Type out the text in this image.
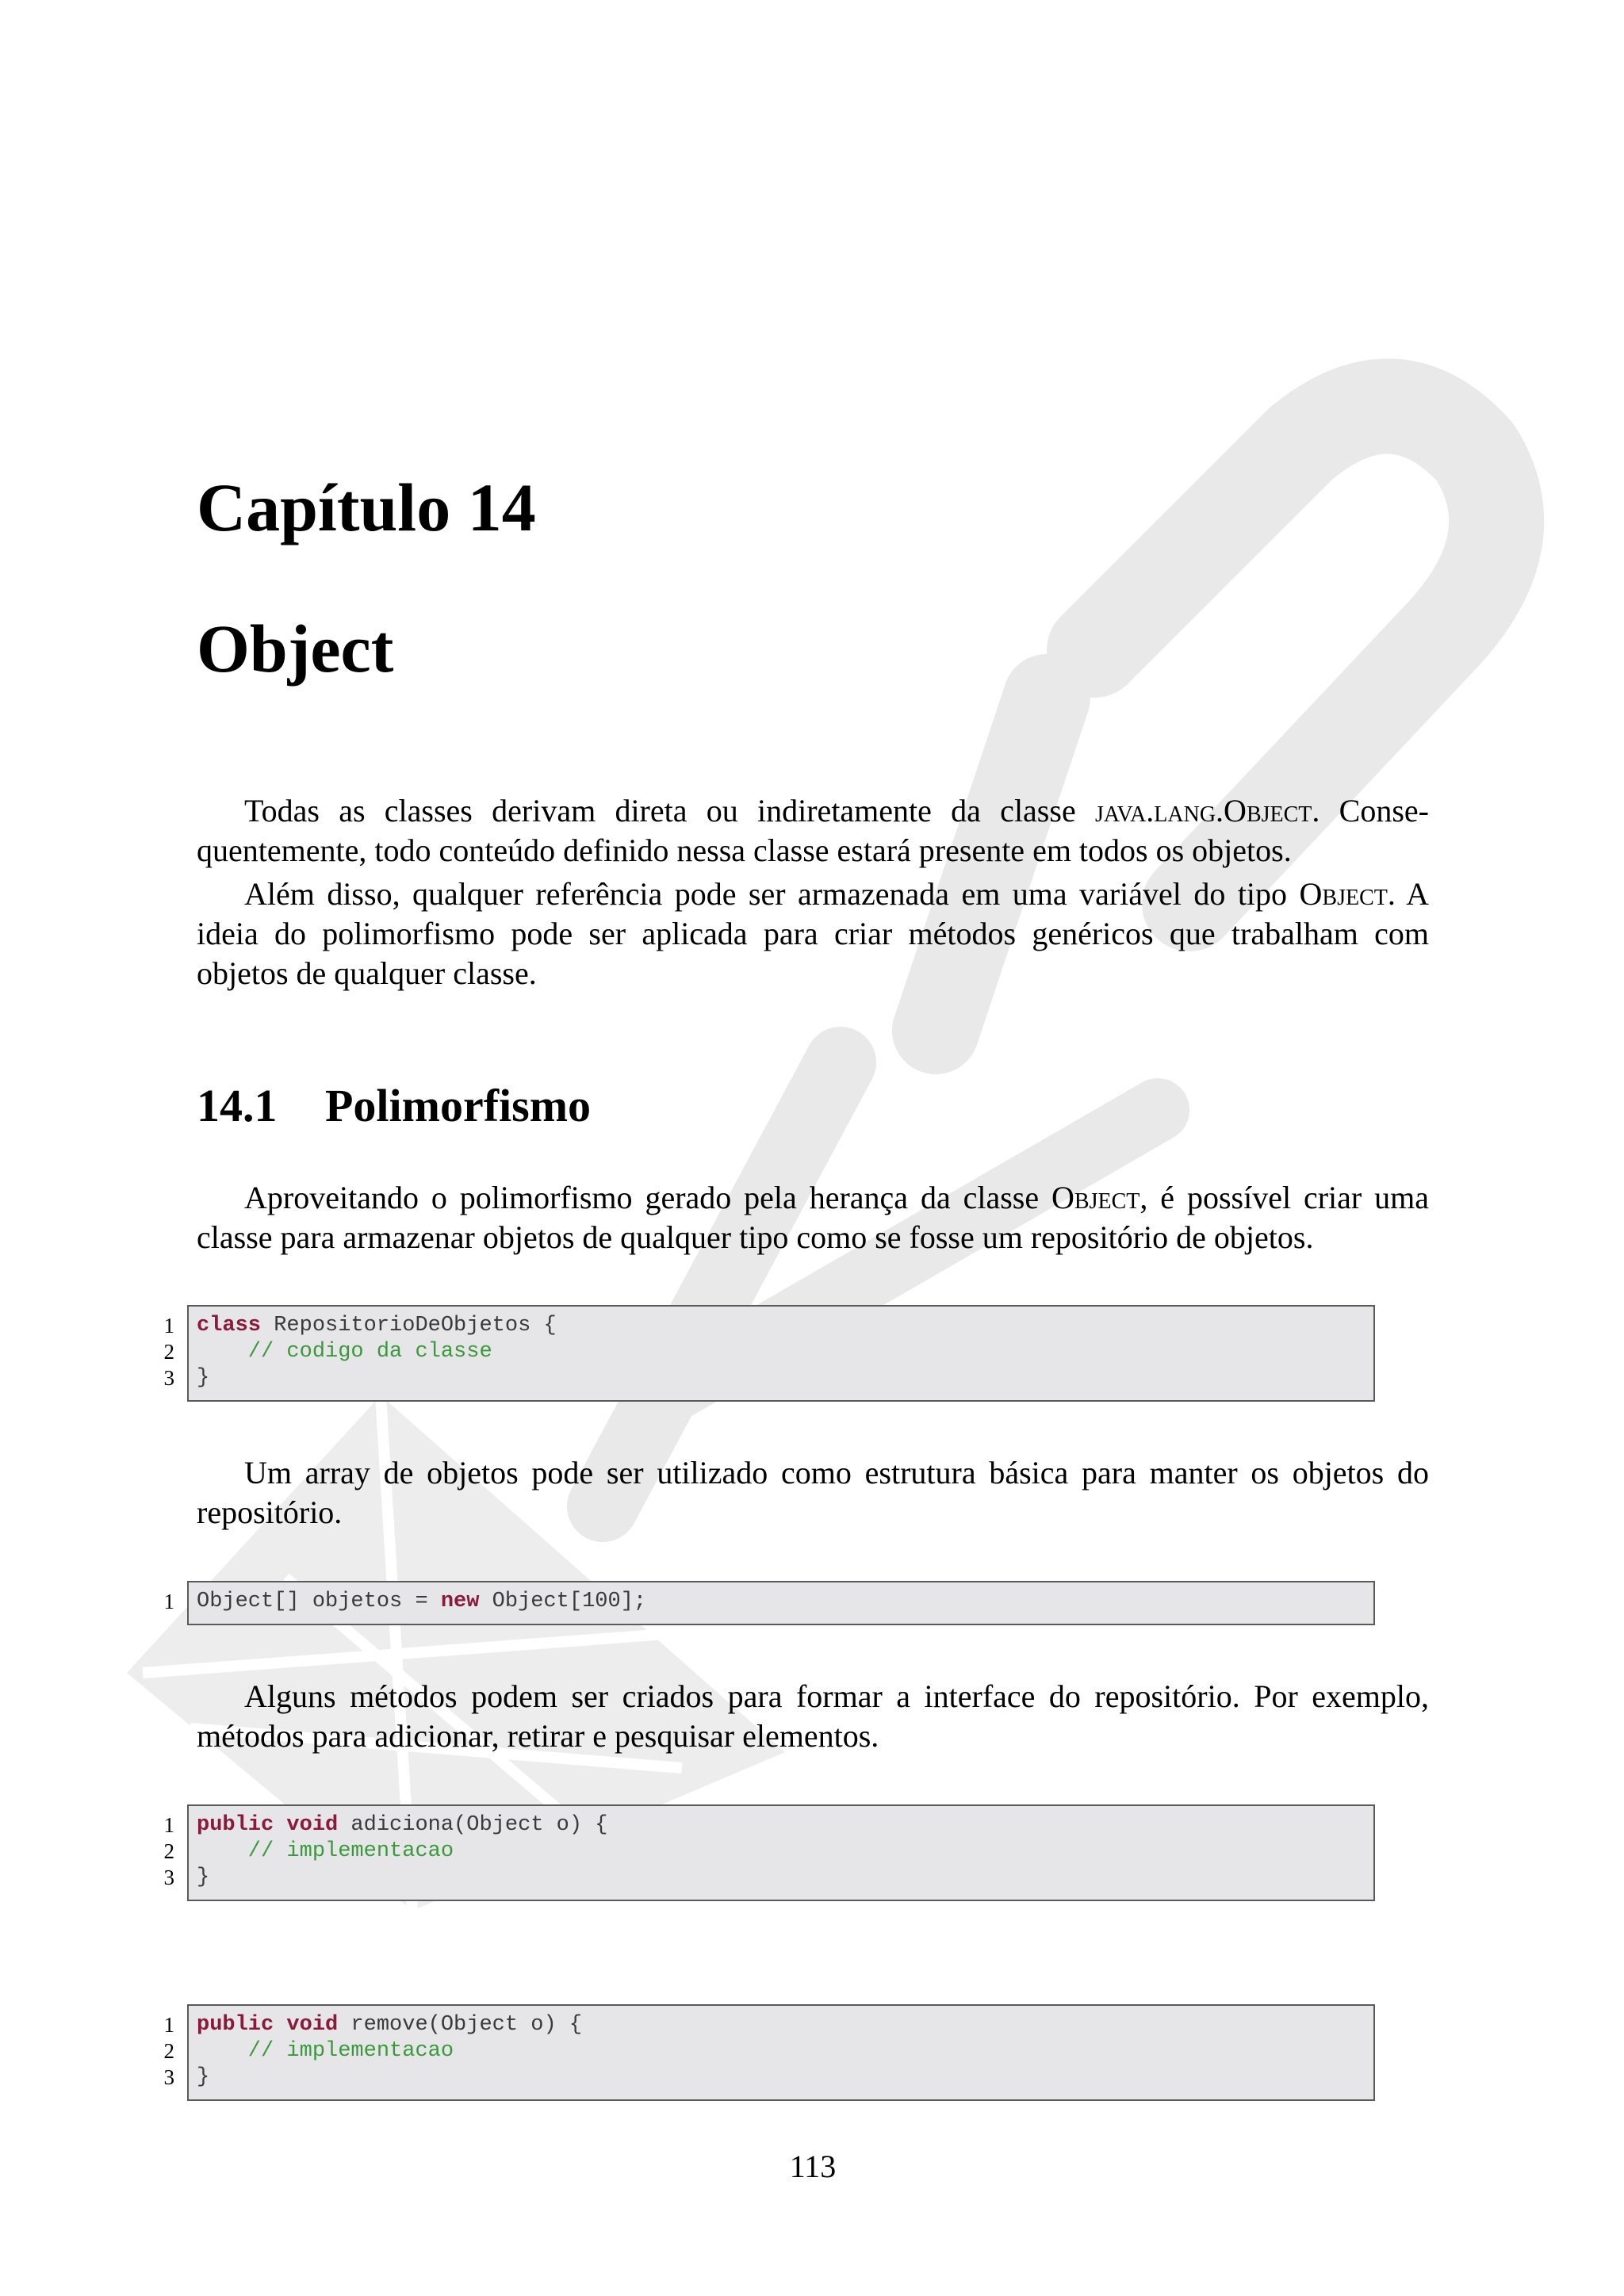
Capítulo 14
Object

Todas as classes derivam direta ou indiretamente da classe java.lang.Object. Conse-quentemente, todo conteúdo definido nessa classe estará presente em todos os objetos.

Além disso, qualquer referência pode ser armazenada em uma variável do tipo Object. A ideia do polimorfismo pode ser aplicada para criar métodos genéricos que trabalham com objetos de qualquer classe.

14.1 Polimorfismo

Aproveitando o polimorfismo gerado pela herança da classe Object, é possível criar uma classe para armazenar objetos de qualquer tipo como se fosse um repositório de objetos.

1 class RepositorioDeObjetos {
2 // codigo da classe
3 }

Um array de objetos pode ser utilizado como estrutura básica para manter os objetos do repositório.

1 Object[] objetos = new Object[100];

Alguns métodos podem ser criados para formar a interface do repositório. Por exemplo, métodos para adicionar, retirar e pesquisar elementos.

1 public void adiciona(Object o) {
2 // implementacao
3 }
1 public void remove(Object o) {
2 // implementacao
3 }

113
